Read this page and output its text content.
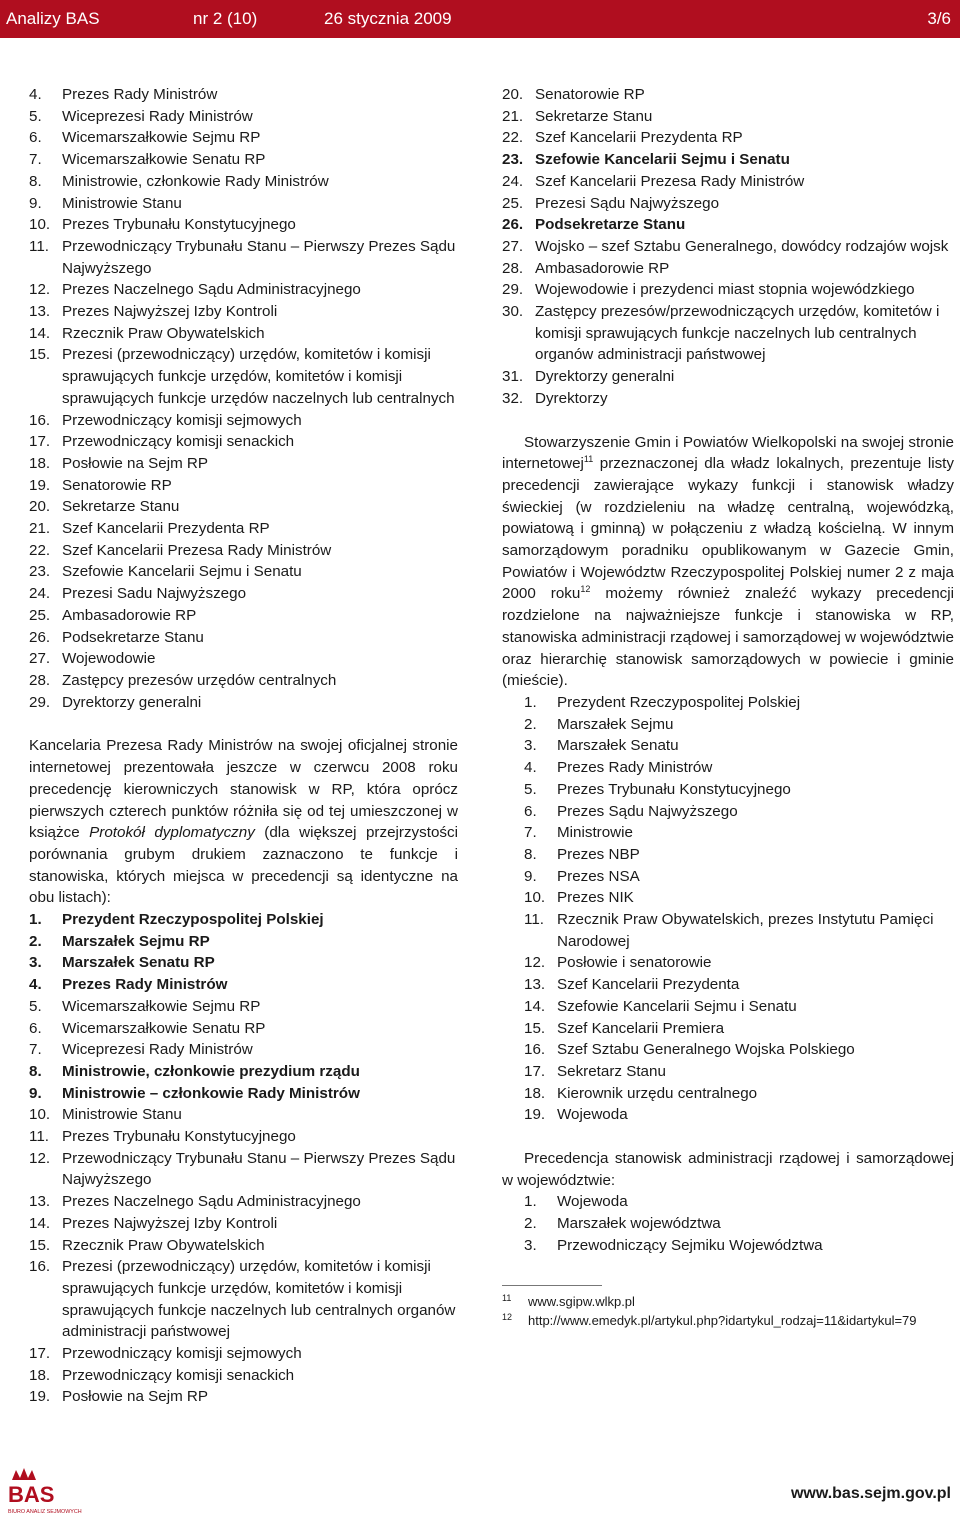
Analizy BAS	nr 2 (10)	26 stycznia 2009	3/6
4.	Prezes Rady Ministrów
5.	Wiceprezesi Rady Ministrów
6.	Wicemarszałkowie Sejmu RP
7.	Wicemarszałkowie Senatu RP
8.	Ministrowie, członkowie Rady Ministrów
9.	Ministrowie Stanu
10. Prezes Trybunału Konstytucyjnego
11. Przewodniczący Trybunału Stanu – Pierwszy Prezes Sądu Najwyższego
12. Prezes Naczelnego Sądu Administracyjnego
13. Prezes Najwyższej Izby Kontroli
14. Rzecznik Praw Obywatelskich
15. Prezesi (przewodniczący) urzędów, komitetów i komisji sprawujących funkcje urzędów, komitetów i komisji sprawujących funkcje urzędów naczelnych lub centralnych
16. Przewodniczący komisji sejmowych
17. Przewodniczący komisji senackich
18. Posłowie na Sejm RP
19. Senatorowie RP
20. Sekretarze Stanu
21. Szef Kancelarii Prezydenta RP
22. Szef Kancelarii Prezesa Rady Ministrów
23. Szefowie Kancelarii Sejmu i Senatu
24. Prezesi Sadu Najwyższego
25. Ambasadorowie RP
26. Podsekretarze Stanu
27. Wojewodowie
28. Zastępcy prezesów urzędów centralnych
29. Dyrektorzy generalni

Kancelaria Prezesa Rady Ministrów na swojej oficjalnej stronie internetowej prezentowała jeszcze w czerwcu 2008 roku precedencję kierowniczych stanowisk w RP, która oprócz pierwszych czterech punktów różniła się od tej umieszczonej w książce Protokół dyplomatyczny (dla większej przejrzystości porównania grubym drukiem zaznaczono te funkcje i stanowiska, których miejsca w precedencji są identyczne na obu listach):

1.	Prezydent Rzeczypospolitej Polskiej
2.	Marszałek Sejmu RP
3.	Marszałek Senatu RP
4.	Prezes Rady Ministrów
5.	Wicemarszałkowie Sejmu RP
6.	Wicemarszałkowie Senatu RP
7.	Wiceprezesi Rady Ministrów
8.	Ministrowie, członkowie prezydium rządu
9.	Ministrowie – członkowie Rady Ministrów
10. Ministrowie Stanu
11. Prezes Trybunału Konstytucyjnego
12. Przewodniczący Trybunału Stanu – Pierwszy Prezes Sądu Najwyższego
13. Prezes Naczelnego Sądu Administracyjnego
14. Prezes Najwyższej Izby Kontroli
15. Rzecznik Praw Obywatelskich
16. Prezesi (przewodniczący) urzędów, komitetów i komisji sprawujących funkcje urzędów, komitetów i komisji sprawujących funkcje naczelnych lub centralnych organów administracji państwowej
17. Przewodniczący komisji sejmowych
18. Przewodniczący komisji senackich
19. Posłowie na Sejm RP
20. Senatorowie RP
21. Sekretarze Stanu
22. Szef Kancelarii Prezydenta RP
23. Szefowie Kancelarii Sejmu i Senatu
24. Szef Kancelarii Prezesa Rady Ministrów
25. Prezesi Sądu Najwyższego
26. Podsekretarze Stanu
27. Wojsko – szef Sztabu Generalnego, dowódcy rodzajów wojsk
28. Ambasadorowie RP
29. Wojewodowie i prezydenci miast stopnia wojewódzkiego
30. Zastępcy prezesów/przewodniczących urzędów, komitetów i komisji sprawujących funkcje naczelnych lub centralnych organów administracji państwowej
31. Dyrektorzy generalni
32. Dyrektorzy

Stowarzyszenie Gmin i Powiatów Wielkopolski na swojej stronie internetowej$^{11}$ przeznaczonej dla władz lokalnych, prezentuje listy precedencji zawierające wykazy funkcji i stanowisk władzy świeckiej (w rozdzieleniu na władzę centralną, wojewódzką, powiatową i gminną) w połączeniu z władzą kościelną. W innym samorządowym poradniku opublikowanym w Gazecie Gmin, Powiatów i Województw Rzeczypospolitej Polskiej numer 2 z maja 2000 roku$^{12}$ możemy również znaleźć wykazy precedencji rozdzielone na najważniejsze funkcje i stanowiska w RP, stanowiska administracji rządowej i samorządowej w województwie oraz hierarchię stanowisk samorządowych w powiecie i gminie (mieście).

1.	Prezydent Rzeczypospolitej Polskiej
2.	Marszałek Sejmu
3.	Marszałek Senatu
4.	Prezes Rady Ministrów
5.	Prezes Trybunału Konstytucyjnego
6.	Prezes Sądu Najwyższego
7.	Ministrowie
8.	Prezes NBP
9.	Prezes NSA
10. Prezes NIK
11. Rzecznik Praw Obywatelskich, prezes Instytutu Pamięci Narodowej
12. Posłowie i senatorowie
13. Szef Kancelarii Prezydenta
14. Szefowie Kancelarii Sejmu i Senatu
15. Szef Kancelarii Premiera
16. Szef Sztabu Generalnego Wojska Polskiego
17. Sekretarz Stanu
18. Kierownik urzędu centralnego
19. Wojewoda

Precedencja stanowisk administracji rządowej i samorządowej w województwie:

1.	Wojewoda
2.	Marszałek województwa
3.	Przewodniczący Sejmiku Województwa
11	www.sgipw.wlkp.pl
12	http://www.emedyk.pl/artykul.php?idartykul_rodzaj=11&idartykul=79
BAS
BIURO ANALIZ SEJMOWYCH
www.bas.sejm.gov.pl
